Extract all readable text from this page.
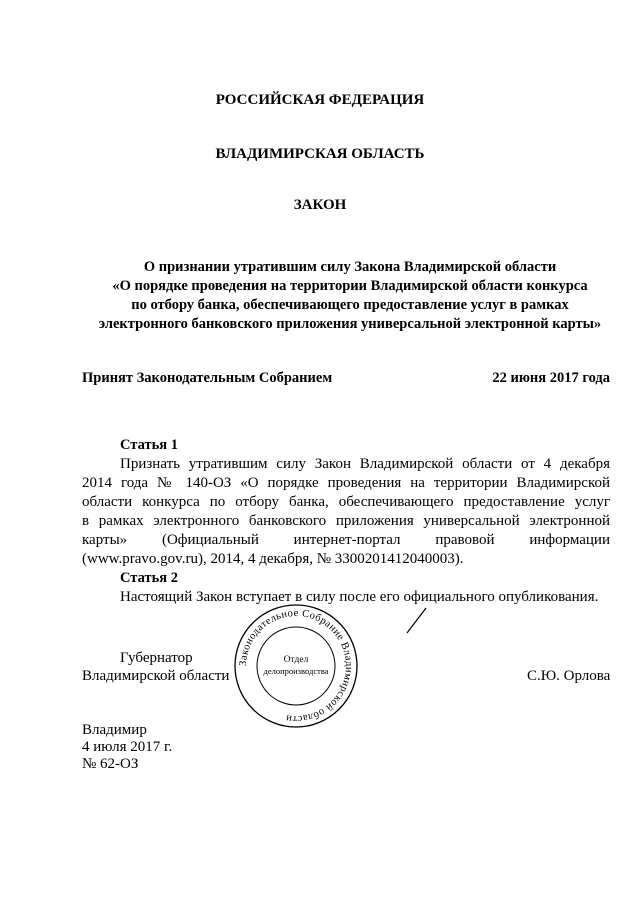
РОССИЙСКАЯ ФЕДЕРАЦИЯ
ВЛАДИМИРСКАЯ ОБЛАСТЬ
ЗАКОН
О признании утратившим силу Закона Владимирской области
«О порядке проведения на территории Владимирской области конкурса
по отбору банка, обеспечивающего предоставление услуг в рамках
электронного банковского приложения универсальной электронной карты»
Принят Законодательным Собранием	22 июня 2017 года
Статья 1
Признать утратившим силу Закон Владимирской области от 4 декабря
2014 года № 140-ОЗ «О порядке проведения на территории Владимирской
области конкурса по отбору банка, обеспечивающего предоставление услуг
в рамках электронного банковского приложения универсальной электронной
карты» (Официальный интернет-портал правовой информации
(www.pravo.gov.ru), 2014, 4 декабря, № 3300201412040003).
Статья 2
Настоящий Закон вступает в силу после его официального опубликования.
Губернатор
Владимирской области	С.Ю. Орлова
Законодательное Собрание Владимирской области
Отдел
делопроизводства
Владимир
4 июля 2017 г.
№ 62-ОЗ
